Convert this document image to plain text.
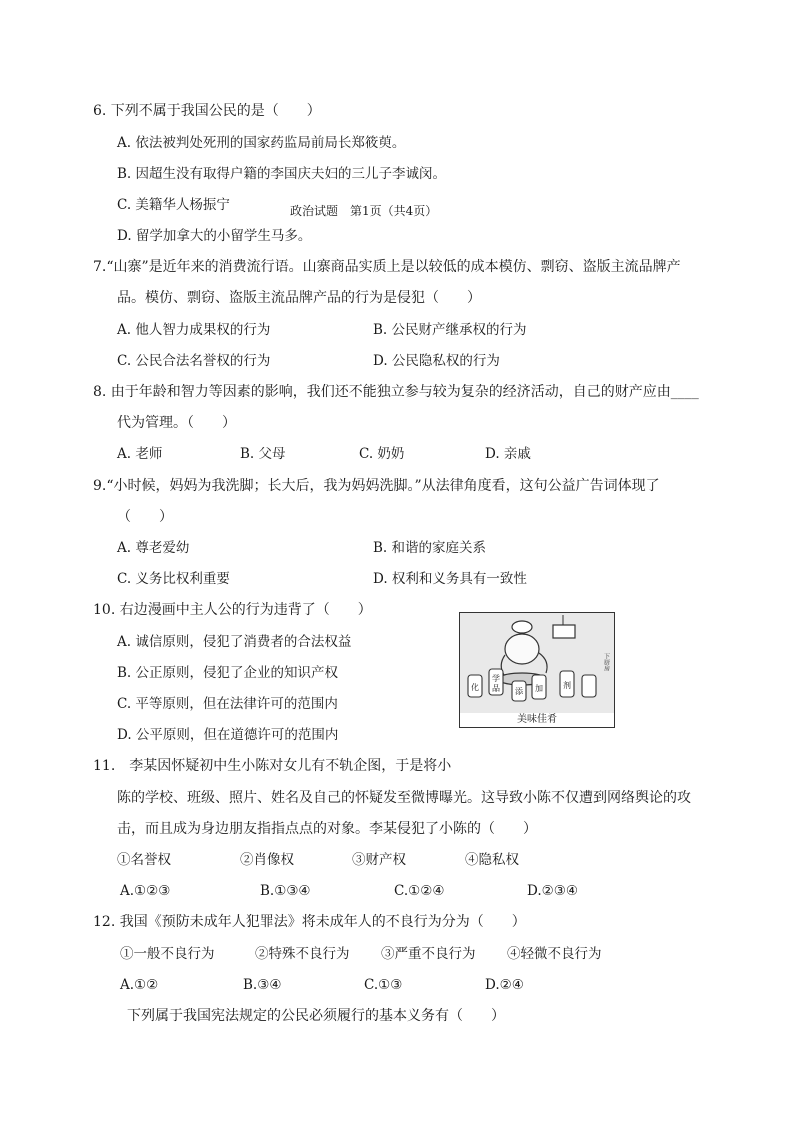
6. 下列不属于我国公民的是（　　）
A. 依法被判处死刑的国家药监局前局长郑筱萸。
B. 因超生没有取得户籍的李国庆夫妇的三儿子李诚闵。
C. 美籍华人杨振宁	政治试题　第1页（共4页）
D. 留学加拿大的小留学生马多。
7.“山寨”是近年来的消费流行语。山寨商品实质上是以较低的成本模仿、剽窃、盗版主流品牌产
品。模仿、剽窃、盗版主流品牌产品的行为是侵犯（　　）
A. 他人智力成果权的行为	B. 公民财产继承权的行为
C. 公民合法名誉权的行为	D. 公民隐私权的行为
8. 由于年龄和智力等因素的影响，我们还不能独立参与较为复杂的经济活动，自己的财产应由____
代为管理。（　　）
A. 老师	B. 父母	C. 奶奶	D. 亲戚
9.“小时候，妈妈为我洗脚；长大后，我为妈妈洗脚。”从法律角度看，这句公益广告词体现了
（　　）
A. 尊老爱幼	B. 和谐的家庭关系
C. 义务比权利重要	D. 权利和义务具有一致性
10. 右边漫画中主人公的行为违背了（　　）
A. 诚信原则，侵犯了消费者的合法权益
B. 公正原则，侵犯了企业的知识产权
C. 平等原则，但在法律许可的范围内
D. 公平原则，但在道德许可的范围内
化
学
品 添 加	剂
下厨房
美味佳肴
11.　李某因怀疑初中生小陈对女儿有不轨企图，于是将小
陈的学校、班级、照片、姓名及自己的怀疑发至微博曝光。这导致小陈不仅遭到网络舆论的攻
击，而且成为身边朋友指指点点的对象。李某侵犯了小陈的（　　）
①名誉权	②肖像权	③财产权	④隐私权
A.①②③	B.①③④	C.①②④	D.②③④
12. 我国《预防未成年人犯罪法》将未成年人的不良行为分为（　　）
①一般不良行为	②特殊不良行为 ③严重不良行为 ④轻微不良行为
A.①②	B.③④	C.①③	D.②④
下列属于我国宪法规定的公民必须履行的基本义务有（　　）
